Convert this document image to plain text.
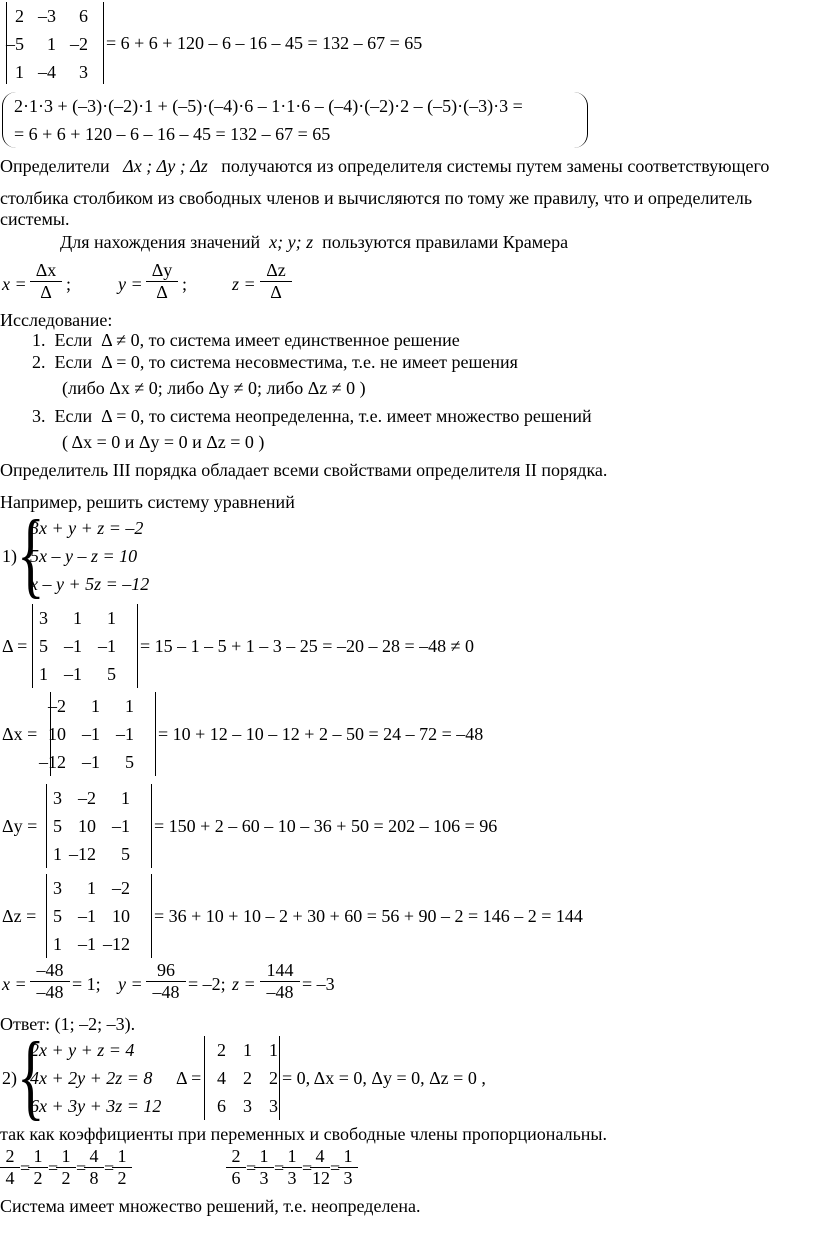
2 –3	6
–5	1 –2
1 –4	3
= 6 + 6 + 120 – 6 – 16 – 45 = 132 – 67 = 65
2·1·3 + (–3)·(–2)·1 + (–5)·(–4)·6 – 1·1·6 – (–4)·(–2)·2 – (–5)·(–3)·3 =
= 6 + 6 + 120 – 6 – 16 – 45 = 132 – 67 = 65
Определители Δx ; Δy ; Δz получаются из определителя системы путем замены соответствующего
столбика столбиком из свободных членов и вычисляются по тому же правилу, что и определитель
системы.
Для нахождения значений x; y; z пользуются правилами Крамера
$x = \frac{\Delta x}{\Delta}$ ;	$y = \frac{\Delta y}{\Delta}$ ; $z = \frac{\Delta z}{\Delta}$
Исследование:
1. Если Δ ≠ 0, то система имеет единственное решение
2. Если Δ = 0, то система несовместима, т.е. не имеет решения
3. Если Δ = 0, то система неопределенна, т.е. имеет множество решений
(либо Δx ≠ 0; либо Δy ≠ 0; либо Δz ≠ 0 )
( Δx = 0 и Δy = 0 и Δz = 0 )
Определитель III порядка обладает всеми свойствами определителя II порядка.
Например, решить систему уравнений
1) {
3x + y + z = –2
5x – y – z = 10
x – y + 5z = –12
Δ =
3	1	1
5 –1 –1
1 –1	5
= 15 – 1 – 5 + 1 – 3 – 25 = –20 – 28 = –48 ≠ 0
Δx =
–2	1	1
10 –1 –1
–12 –1	5
= 10 + 12 – 10 – 12 + 2 – 50 = 24 – 72 = –48
Δy =
3 –2	1
5 10 –1
1 –12	5
= 150 + 2 – 60 – 10 – 36 + 50 = 202 – 106 = 96
Δz =
3	1 –2
5 –1 10
1 –1 –12
= 36 + 10 + 10 – 2 + 30 + 60 = 56 + 90 – 2 = 146 – 2 = 144
$x = \frac{-48}{-48} = 1$; $y = \frac{96}{-48} = -2$; $z = \frac{144}{-48} = -3$
Ответ: (1; –2; –3).
2) {
2x + y + z = 4
4x + 2y + 2z = 8
6x + 3y + 3z = 12
Δ =
2 1 1
4 2 2
6 3 3
= 0, Δx = 0, Δy = 0, Δz = 0 ,
так как коэффициенты при переменных и свободные члены пропорциональны.
$\frac{2}{4}$ =
$\frac{1}{2}$ =
$\frac{1}{2}$ =
$\frac{4}{8}$ =
$\frac{1}{2}$	$\frac{2}{6}$ =
$\frac{1}{3}$ =
$\frac{1}{3}$ =
$\frac{4}{12}$ =
$\frac{1}{3}$
Система имеет множество решений, т.е. неопределена.
